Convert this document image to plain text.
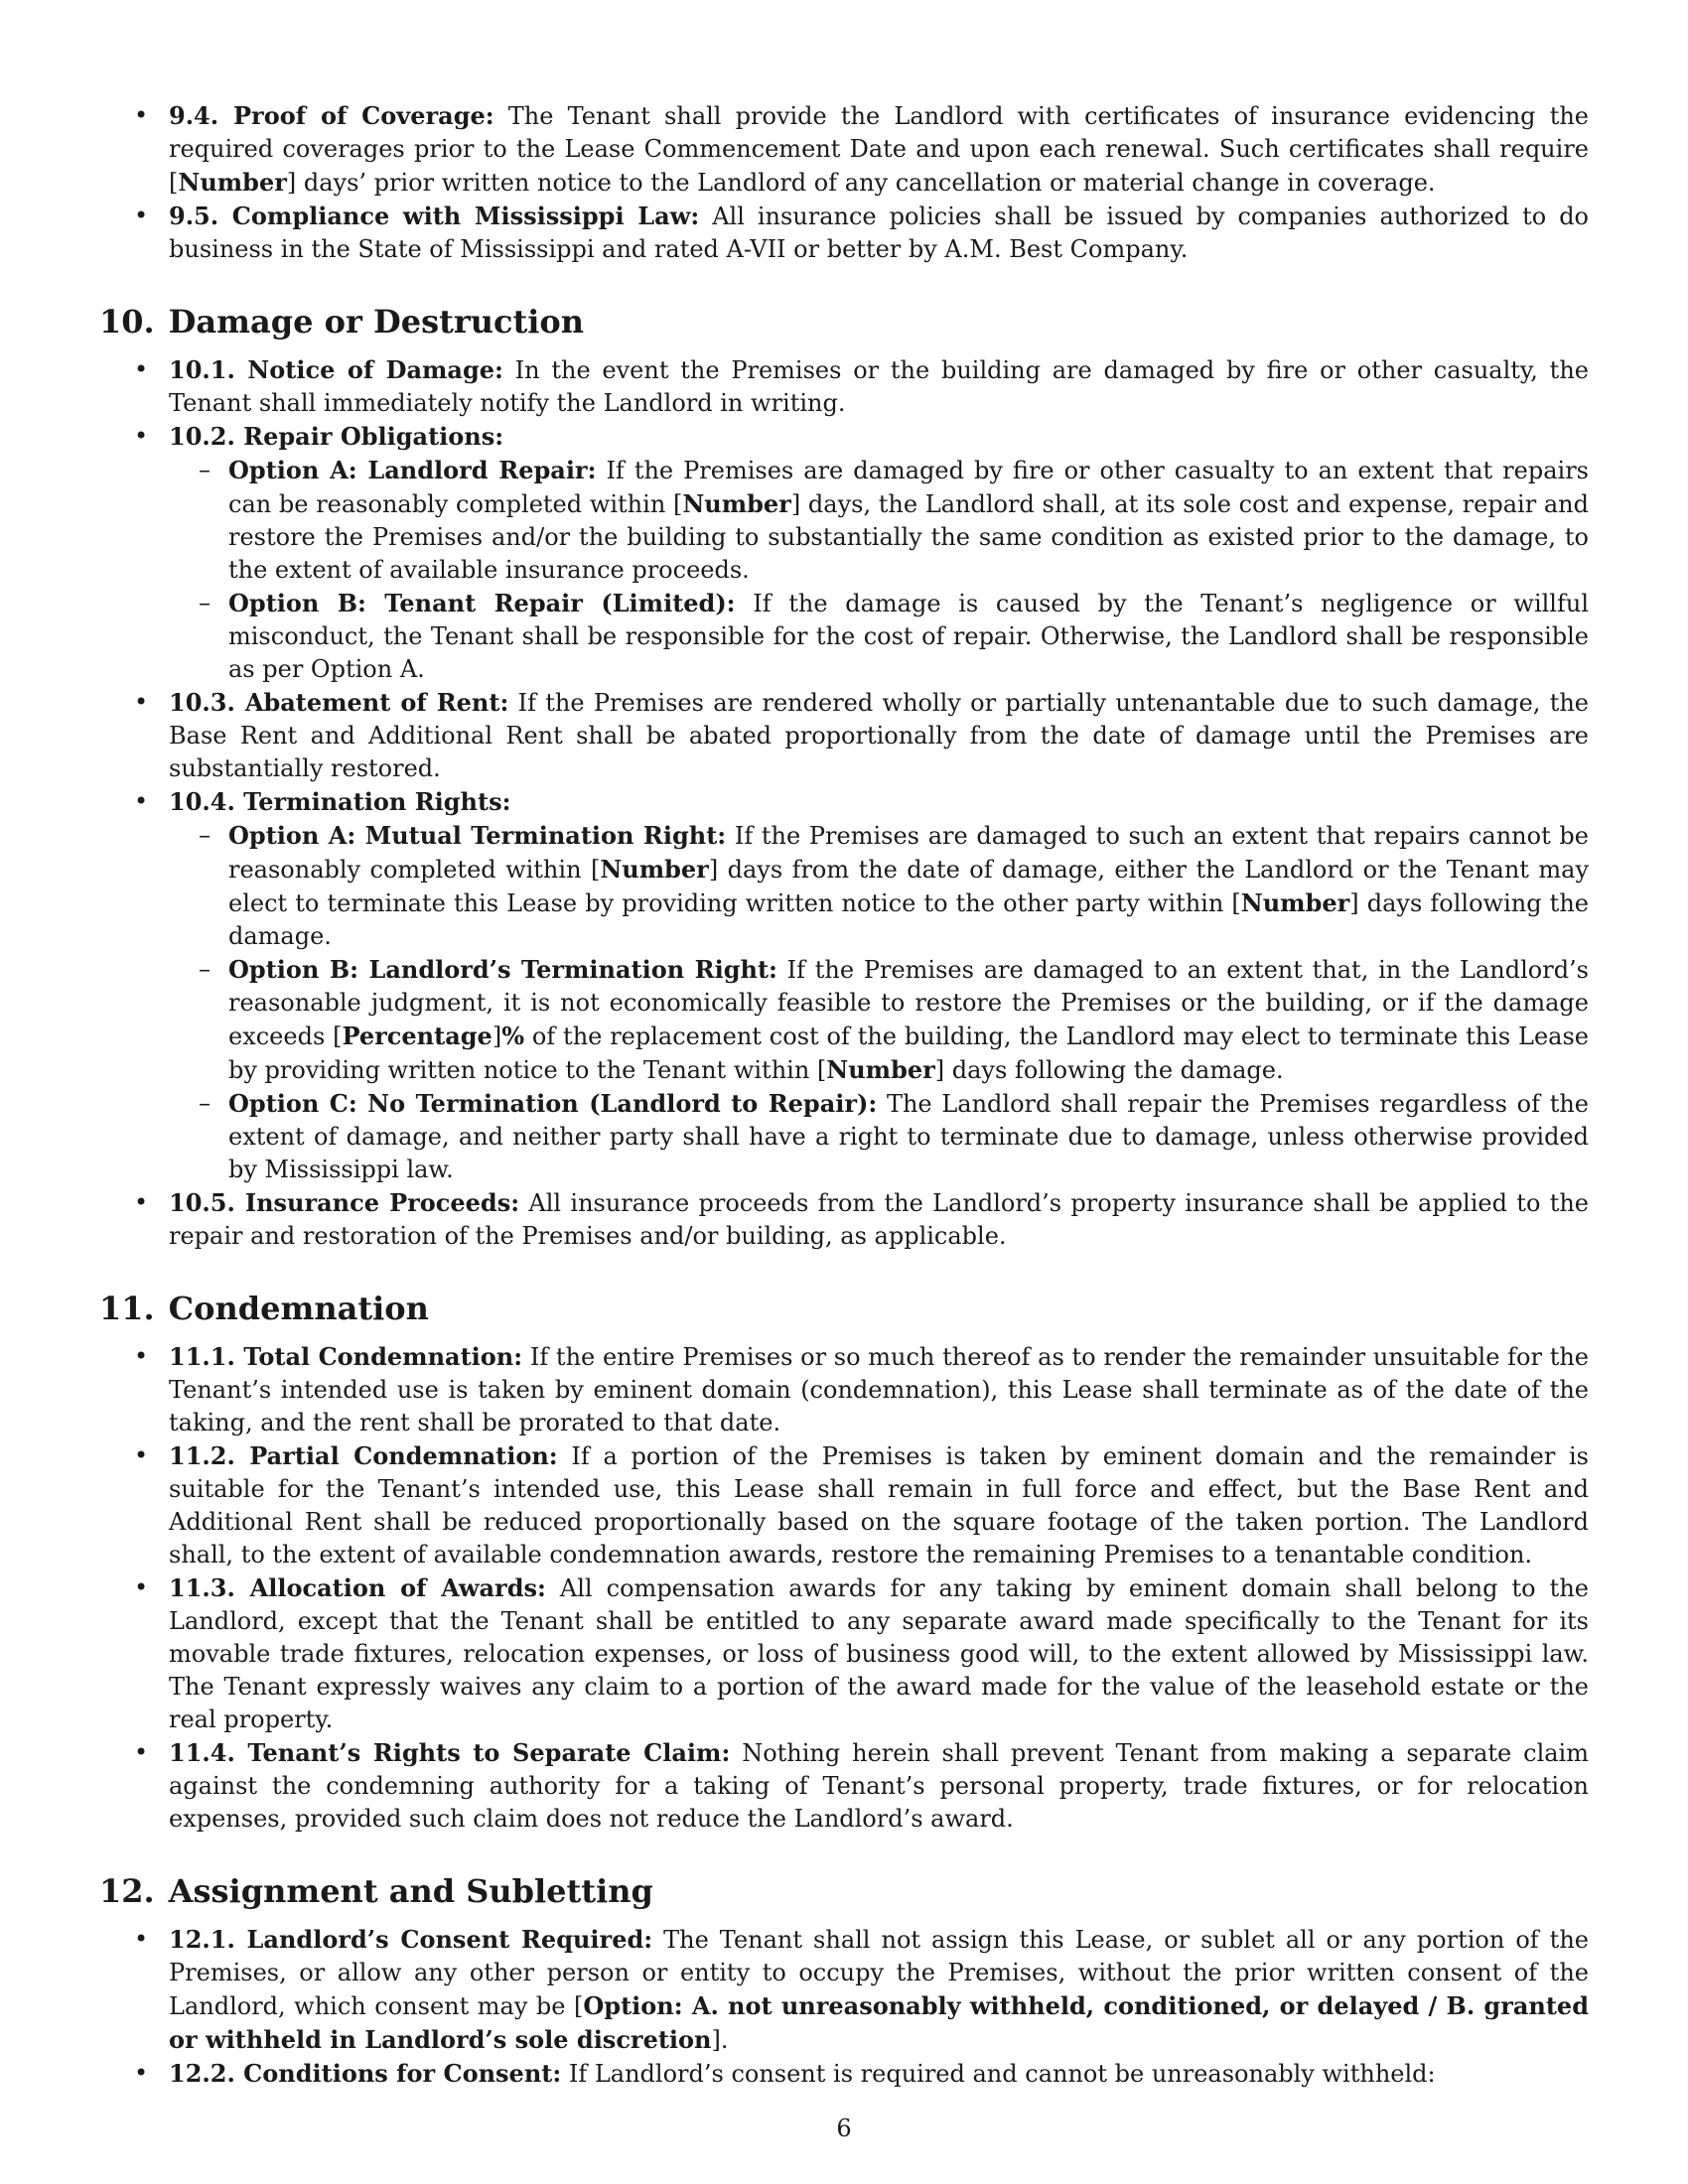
• 9.4. Proof of Coverage: The Tenant shall provide the Landlord with certificates of insurance evidencing the required coverages prior to the Lease Commencement Date and upon each renewal. Such certificates shall require [Number] days’ prior written notice to the Landlord of any cancellation or material change in coverage.
• 9.5. Compliance with Mississippi Law: All insurance policies shall be issued by companies authorized to do business in the State of Mississippi and rated A-VII or better by A.M. Best Company.
10. Damage or Destruction
• 10.1. Notice of Damage: In the event the Premises or the building are damaged by fire or other casualty, the Tenant shall immediately notify the Landlord in writing.
• 10.2. Repair Obligations:
– Option A: Landlord Repair: If the Premises are damaged by fire or other casualty to an extent that repairs can be reasonably completed within [Number] days, the Landlord shall, at its sole cost and expense, repair and restore the Premises and/or the building to substantially the same condition as existed prior to the damage, to the extent of available insurance proceeds.
– Option B: Tenant Repair (Limited): If the damage is caused by the Tenant’s negligence or willful misconduct, the Tenant shall be responsible for the cost of repair. Otherwise, the Landlord shall be responsible as per Option A.
• 10.3. Abatement of Rent: If the Premises are rendered wholly or partially untenantable due to such damage, the Base Rent and Additional Rent shall be abated proportionally from the date of damage until the Premises are substantially restored.
• 10.4. Termination Rights:
– Option A: Mutual Termination Right: If the Premises are damaged to such an extent that repairs cannot be reasonably completed within [Number] days from the date of damage, either the Landlord or the Tenant may elect to terminate this Lease by providing written notice to the other party within [Number] days following the damage.
– Option B: Landlord’s Termination Right: If the Premises are damaged to an extent that, in the Landlord’s reasonable judgment, it is not economically feasible to restore the Premises or the building, or if the damage exceeds [Percentage]% of the replacement cost of the building, the Landlord may elect to terminate this Lease by providing written notice to the Tenant within [Number] days following the damage.
– Option C: No Termination (Landlord to Repair): The Landlord shall repair the Premises regardless of the extent of damage, and neither party shall have a right to terminate due to damage, unless otherwise provided by Mississippi law.
• 10.5. Insurance Proceeds: All insurance proceeds from the Landlord’s property insurance shall be applied to the repair and restoration of the Premises and/or building, as applicable.
11. Condemnation
• 11.1. Total Condemnation: If the entire Premises or so much thereof as to render the remainder unsuitable for the Tenant’s intended use is taken by eminent domain (condemnation), this Lease shall terminate as of the date of the taking, and the rent shall be prorated to that date.
• 11.2. Partial Condemnation: If a portion of the Premises is taken by eminent domain and the remainder is suitable for the Tenant’s intended use, this Lease shall remain in full force and effect, but the Base Rent and Additional Rent shall be reduced proportionally based on the square footage of the taken portion. The Landlord shall, to the extent of available condemnation awards, restore the remaining Premises to a tenantable condition.
• 11.3. Allocation of Awards: All compensation awards for any taking by eminent domain shall belong to the Landlord, except that the Tenant shall be entitled to any separate award made specifically to the Tenant for its movable trade fixtures, relocation expenses, or loss of business good will, to the extent allowed by Mississippi law. The Tenant expressly waives any claim to a portion of the award made for the value of the leasehold estate or the real property.
• 11.4. Tenant’s Rights to Separate Claim: Nothing herein shall prevent Tenant from making a separate claim against the condemning authority for a taking of Tenant’s personal property, trade fixtures, or for relocation expenses, provided such claim does not reduce the Landlord’s award.
12. Assignment and Subletting
• 12.1. Landlord’s Consent Required: The Tenant shall not assign this Lease, or sublet all or any portion of the Premises, or allow any other person or entity to occupy the Premises, without the prior written consent of the Landlord, which consent may be [Option: A. not unreasonably withheld, conditioned, or delayed / B. granted or withheld in Landlord’s sole discretion].
• 12.2. Conditions for Consent: If Landlord’s consent is required and cannot be unreasonably withheld:
6
